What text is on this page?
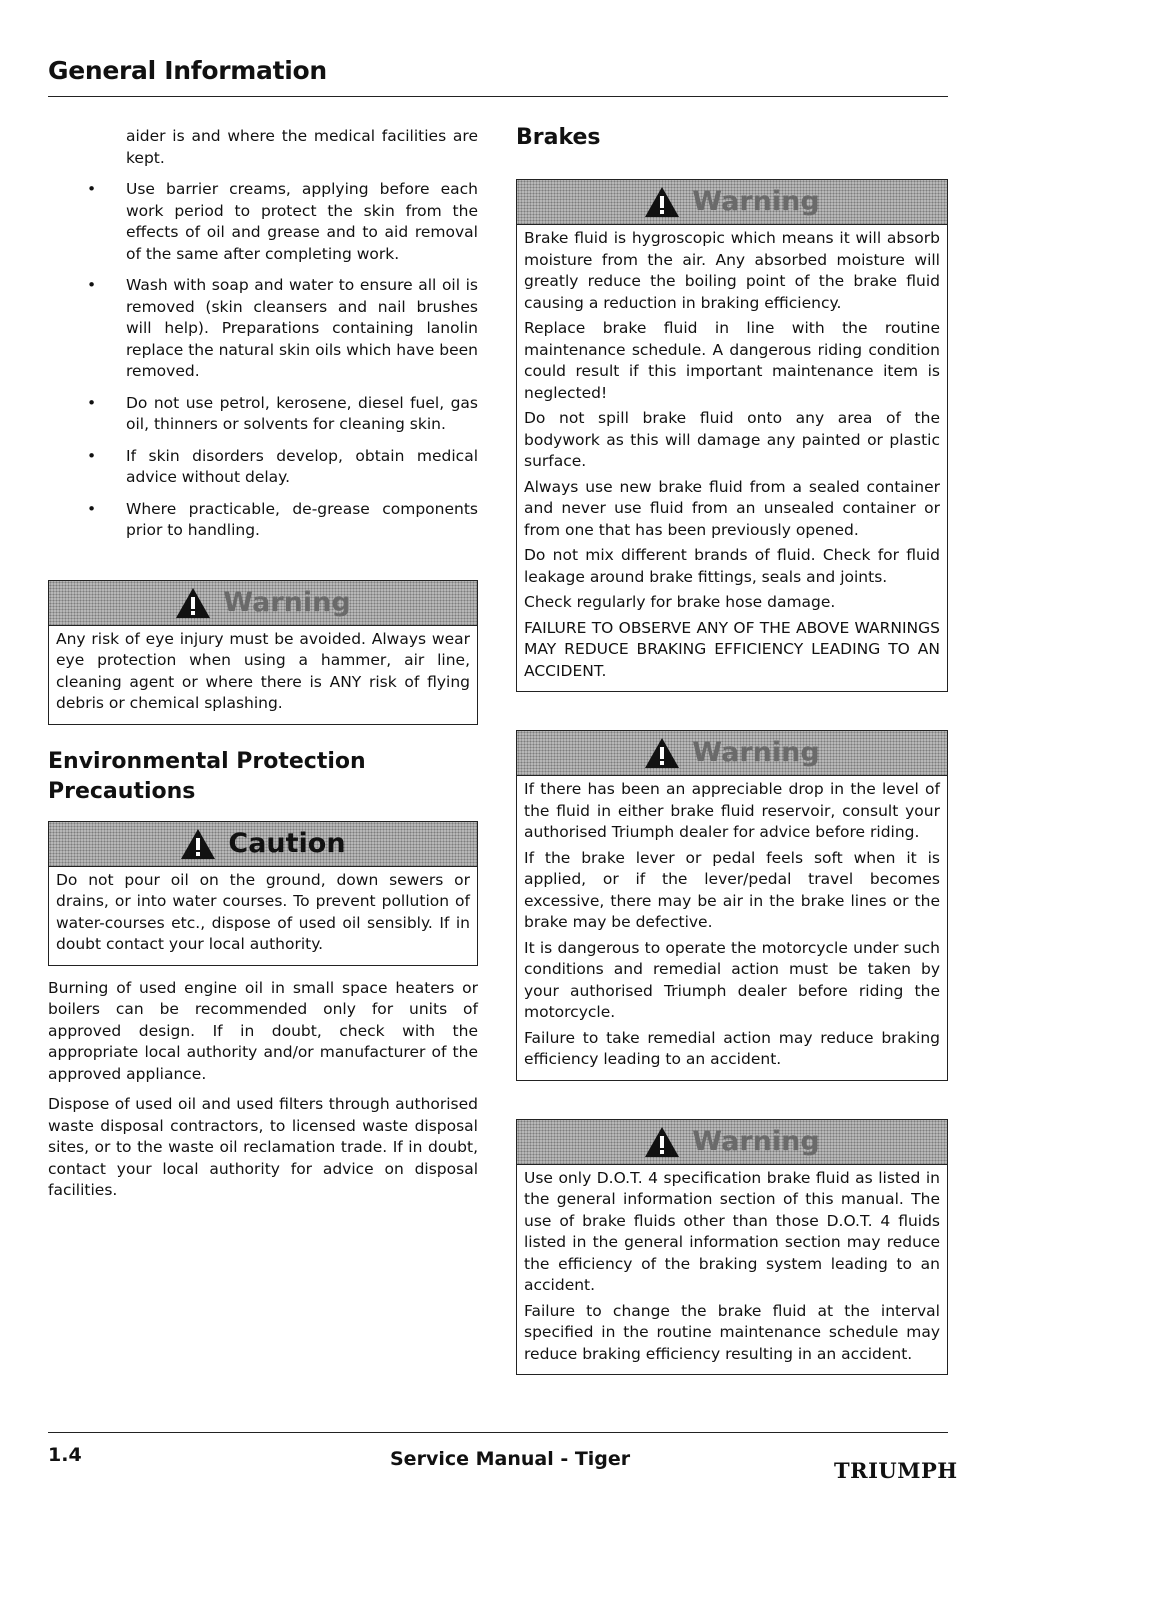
General Information

aider is and where the medical facilities are kept.

• Use barrier creams, applying before each work period to protect the skin from the effects of oil and grease and to aid removal of the same after completing work.
• Wash with soap and water to ensure all oil is removed (skin cleansers and nail brushes will help). Preparations containing lanolin replace the natural skin oils which have been removed.
• Do not use petrol, kerosene, diesel fuel, gas oil, thinners or solvents for cleaning skin.
• If skin disorders develop, obtain medical advice without delay.
• Where practicable, de-grease components prior to handling.
Warning

Any risk of eye injury must be avoided. Always wear eye protection when using a hammer, air line, cleaning agent or where there is ANY risk of flying debris or chemical splashing.

Environmental Protection Precautions
Caution

Do not pour oil on the ground, down sewers or drains, or into water courses. To prevent pollution of water-courses etc., dispose of used oil sensibly. If in doubt contact your local authority.

Burning of used engine oil in small space heaters or boilers can be recommended only for units of approved design. If in doubt, check with the appropriate local authority and/or manufacturer of the approved appliance.

Dispose of used oil and used filters through authorised waste disposal contractors, to licensed waste disposal sites, or to the waste oil reclamation trade. If in doubt, contact your local authority for advice on disposal facilities.

Brakes
Warning

Brake fluid is hygroscopic which means it will absorb moisture from the air. Any absorbed moisture will greatly reduce the boiling point of the brake fluid causing a reduction in braking efficiency.

Replace brake fluid in line with the routine maintenance schedule. A dangerous riding condition could result if this important maintenance item is neglected!

Do not spill brake fluid onto any area of the bodywork as this will damage any painted or plastic surface.

Always use new brake fluid from a sealed container and never use fluid from an unsealed container or from one that has been previously opened.

Do not mix different brands of fluid. Check for fluid leakage around brake fittings, seals and joints.

Check regularly for brake hose damage.

FAILURE TO OBSERVE ANY OF THE ABOVE WARNINGS MAY REDUCE BRAKING EFFICIENCY LEADING TO AN ACCIDENT.

Warning

If there has been an appreciable drop in the level of the fluid in either brake fluid reservoir, consult your authorised Triumph dealer for advice before riding.

If the brake lever or pedal feels soft when it is applied, or if the lever/pedal travel becomes excessive, there may be air in the brake lines or the brake may be defective.

It is dangerous to operate the motorcycle under such conditions and remedial action must be taken by your authorised Triumph dealer before riding the motorcycle.

Failure to take remedial action may reduce braking efficiency leading to an accident.

Warning

Use only D.O.T. 4 specification brake fluid as listed in the general information section of this manual. The use of brake fluids other than those D.O.T. 4 fluids listed in the general information section may reduce the efficiency of the braking system leading to an accident.

Failure to change the brake fluid at the interval specified in the routine maintenance schedule may reduce braking efficiency resulting in an accident.

1.4	Service Manual - Tiger	TRIUMPH
